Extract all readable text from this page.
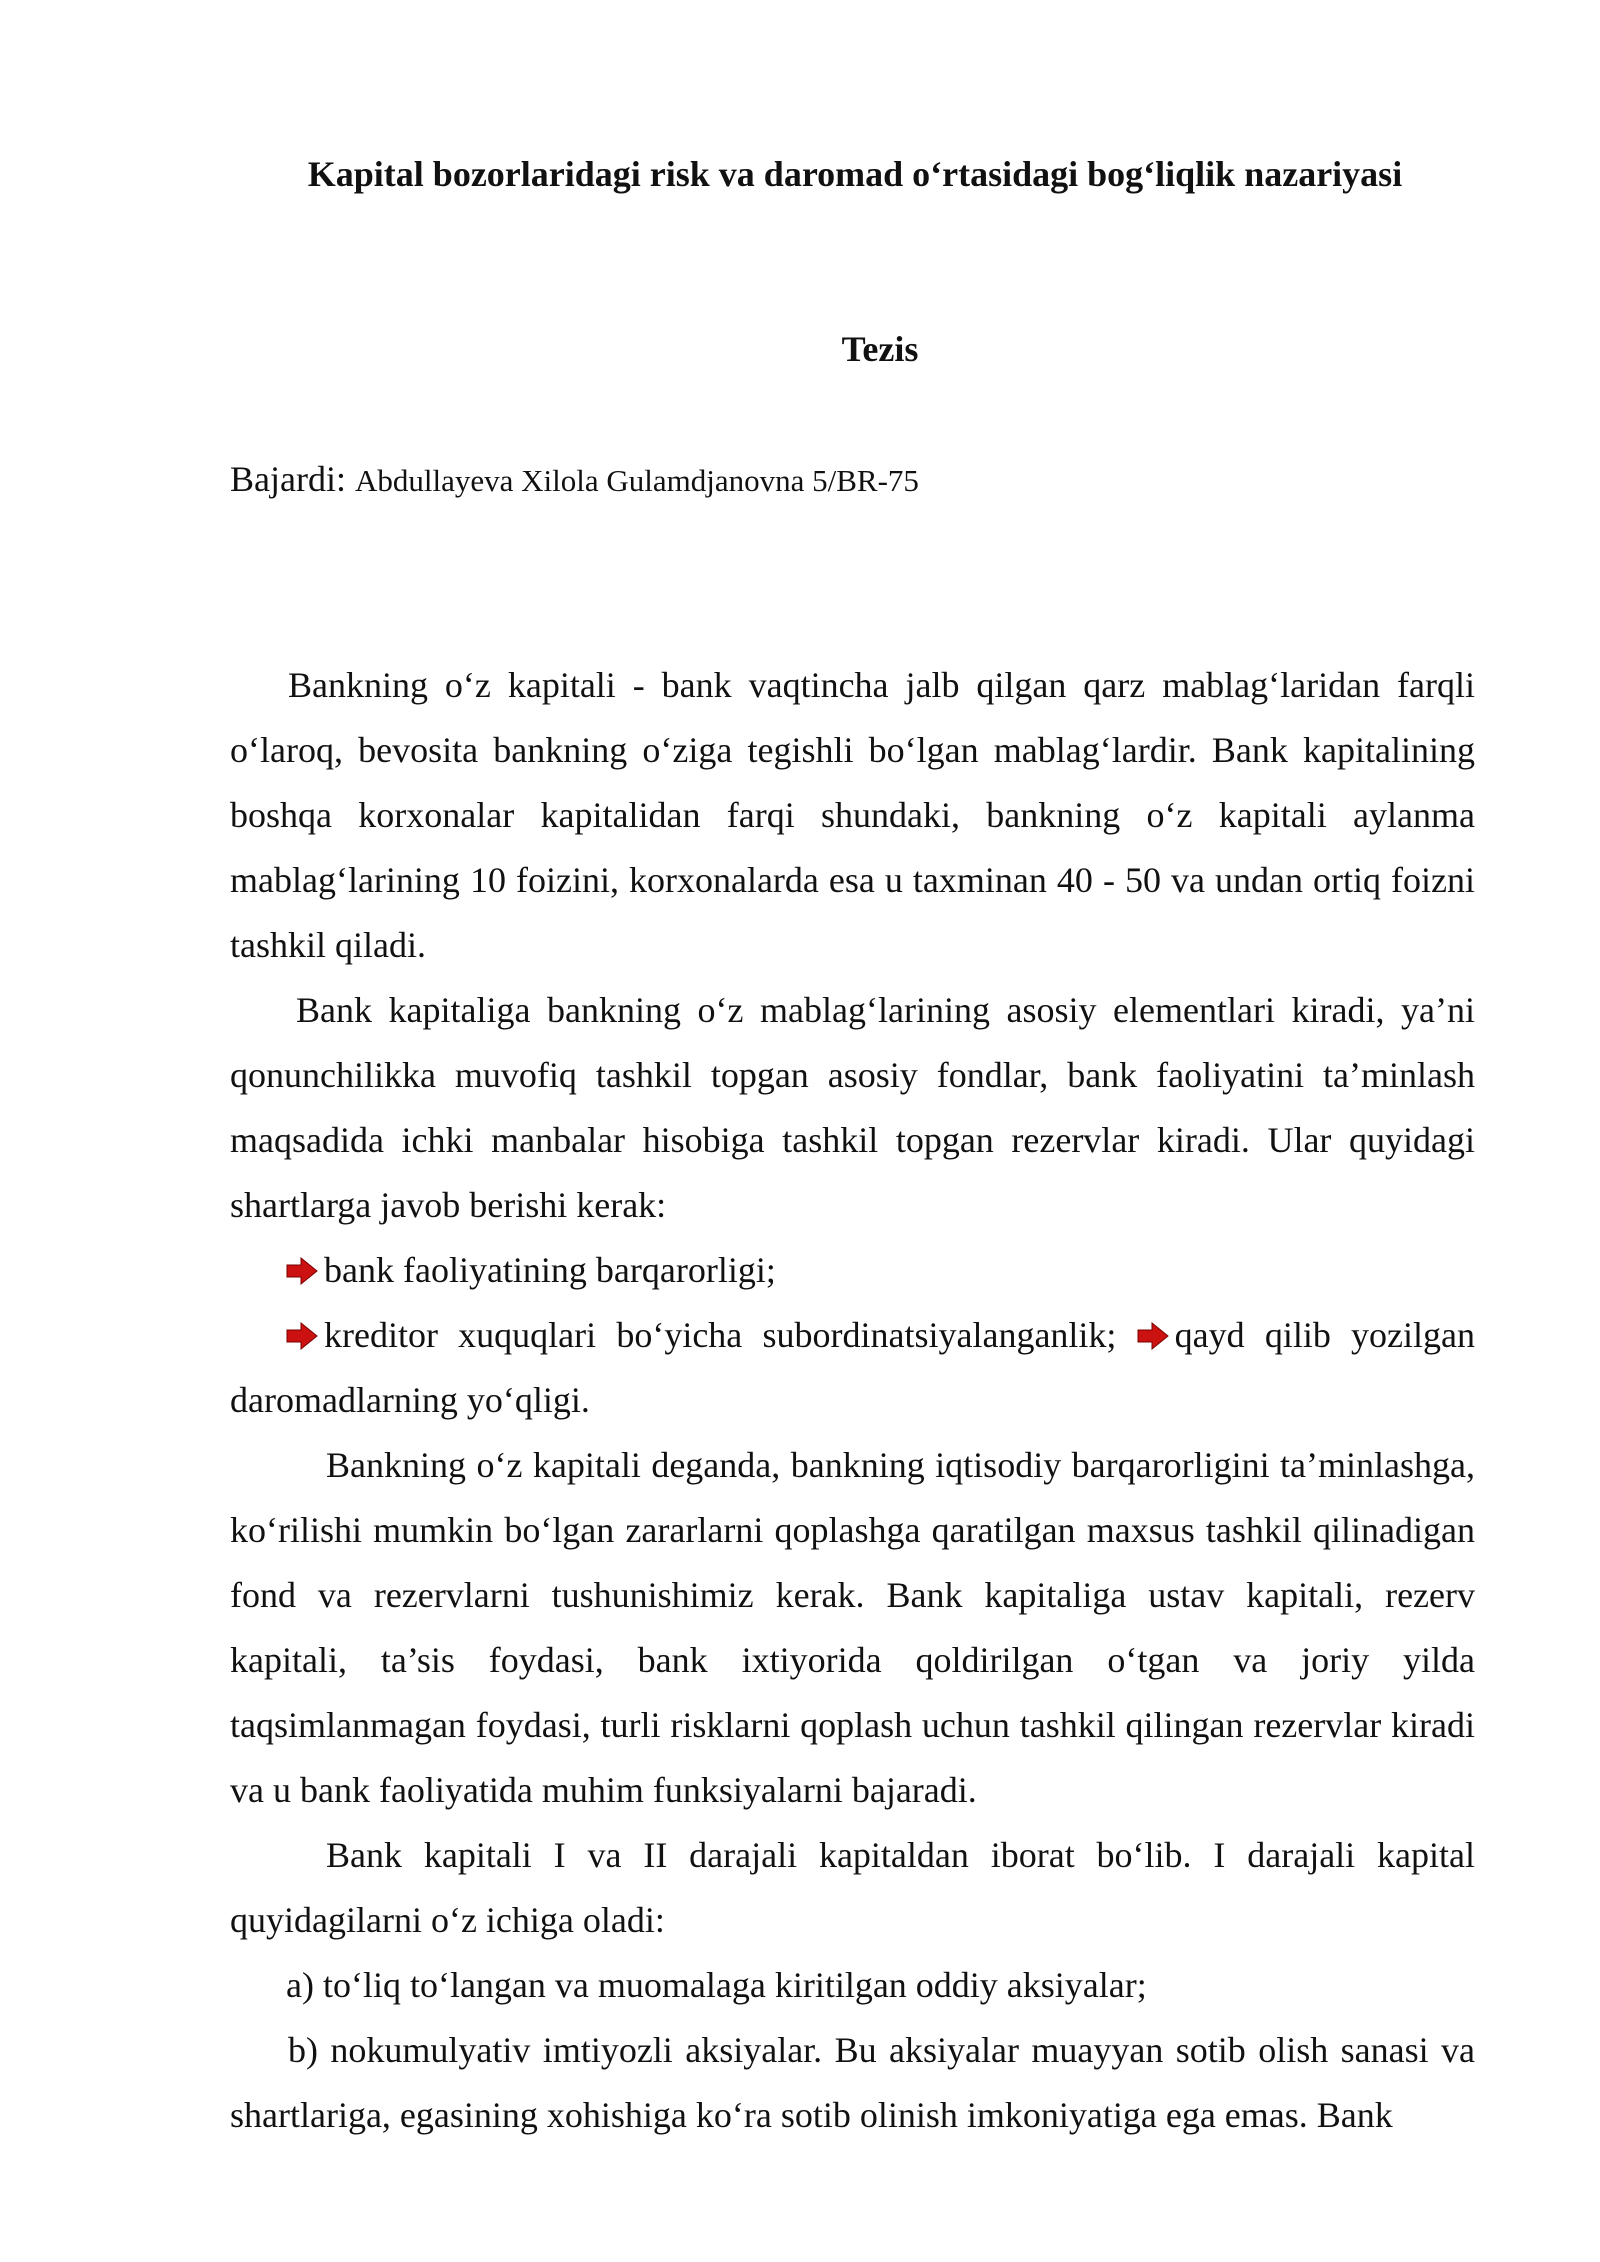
Kapital bozorlaridagi risk va daromad o‘rtasidagi bog‘liqlik nazariyasi
Tezis
Bajardi: Abdullayeva Xilola Gulamdjanovna 5/BR-75

Bankning o‘z kapitali - bank vaqtincha jalb qilgan qarz mablag‘laridan farqli o‘laroq, bevosita bankning o‘ziga tegishli bo‘lgan mablag‘lardir. Bank kapitalining boshqa korxonalar kapitalidan farqi shundaki, bankning o‘z kapitali aylanma mablag‘larining 10 foizini, korxonalarda esa u taxminan 40 - 50 va undan ortiq foizni tashkil qiladi.

Bank kapitaliga bankning o‘z mablag‘larining asosiy elementlari kiradi, ya’ni qonunchilikka muvofiq tashkil topgan asosiy fondlar, bank faoliyatini ta’minlash maqsadida ichki manbalar hisobiga tashkil topgan rezervlar kiradi. Ular quyidagi shartlarga javob berishi kerak:

bank faoliyatining barqarorligi;

kreditor xuquqlari bo‘yicha subordinatsiyalanganlik; qayd qilib yozilgan daromadlarning yo‘qligi.

Bankning o‘z kapitali deganda, bankning iqtisodiy barqarorligini ta’minlashga, ko‘rilishi mumkin bo‘lgan zararlarni qoplashga qaratilgan maxsus tashkil qilinadigan fond va rezervlarni tushunishimiz kerak. Bank kapitaliga ustav kapitali, rezerv kapitali, ta’sis foydasi, bank ixtiyorida qoldirilgan o‘tgan va joriy yilda taqsimlanmagan foydasi, turli risklarni qoplash uchun tashkil qilingan rezervlar kiradi va u bank faoliyatida muhim funksiyalarni bajaradi.

Bank kapitali I va II darajali kapitaldan iborat bo‘lib. I darajali kapital quyidagilarni o‘z ichiga oladi:

a) to‘liq to‘langan va muomalaga kiritilgan oddiy aksiyalar;

b) nokumulyativ imtiyozli aksiyalar. Bu aksiyalar muayyan sotib olish sanasi va shartlariga, egasining xohishiga ko‘ra sotib olinish imkoniyatiga ega emas. Bank
